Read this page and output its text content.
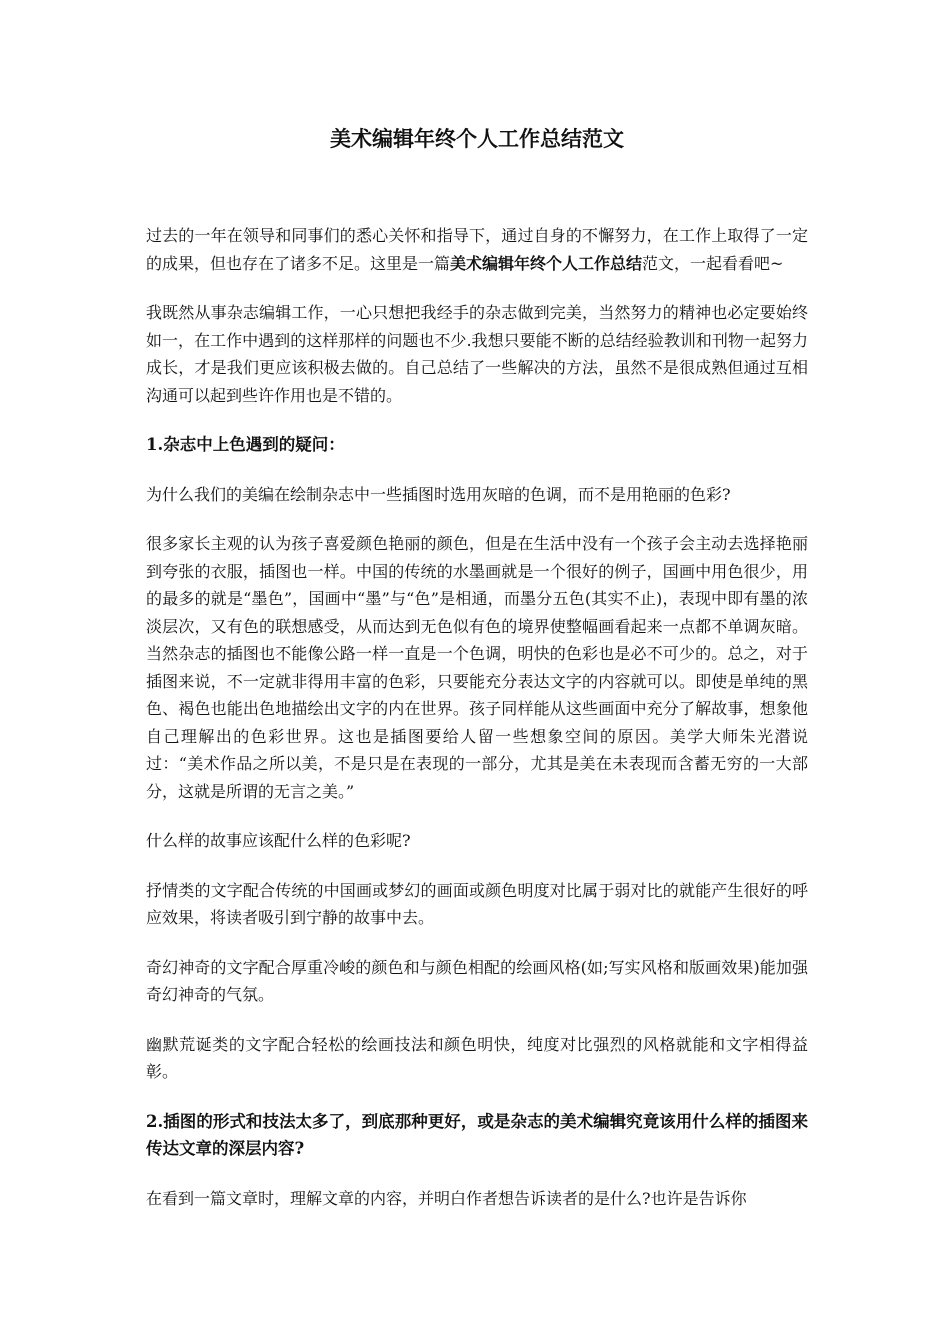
美术编辑年终个人工作总结范文

过去的一年在领导和同事们的悉心关怀和指导下，通过自身的不懈努力，在工作上取得了一定的成果，但也存在了诸多不足。这里是一篇美术编辑年终个人工作总结范文，一起看看吧~

我既然从事杂志编辑工作，一心只想把我经手的杂志做到完美，当然努力的精神也必定要始终如一，在工作中遇到的这样那样的问题也不少.我想只要能不断的总结经验教训和刊物一起努力成长，才是我们更应该积极去做的。自己总结了一些解决的方法，虽然不是很成熟但通过互相沟通可以起到些许作用也是不错的。

1.杂志中上色遇到的疑问：

为什么我们的美编在绘制杂志中一些插图时选用灰暗的色调，而不是用艳丽的色彩?

很多家长主观的认为孩子喜爱颜色艳丽的颜色，但是在生活中没有一个孩子会主动去选择艳丽到夸张的衣服，插图也一样。中国的传统的水墨画就是一个很好的例子，国画中用色很少，用的最多的就是“墨色”，国画中“墨”与“色”是相通，而墨分五色(其实不止)，表现中即有墨的浓淡层次，又有色的联想感受，从而达到无色似有色的境界使整幅画看起来一点都不单调灰暗。当然杂志的插图也不能像公路一样一直是一个色调，明快的色彩也是必不可少的。总之，对于插图来说，不一定就非得用丰富的色彩，只要能充分表达文字的内容就可以。即使是单纯的黑色、褐色也能出色地描绘出文字的内在世界。孩子同样能从这些画面中充分了解故事，想象他自己理解出的色彩世界。这也是插图要给人留一些想象空间的原因。美学大师朱光潜说过：“美术作品之所以美，不是只是在表现的一部分，尤其是美在未表现而含蓄无穷的一大部分，这就是所谓的无言之美。”

什么样的故事应该配什么样的色彩呢?

抒情类的文字配合传统的中国画或梦幻的画面或颜色明度对比属于弱对比的就能产生很好的呼应效果，将读者吸引到宁静的故事中去。

奇幻神奇的文字配合厚重冷峻的颜色和与颜色相配的绘画风格(如;写实风格和版画效果)能加强奇幻神奇的气氛。

幽默荒诞类的文字配合轻松的绘画技法和颜色明快，纯度对比强烈的风格就能和文字相得益彰。

2.插图的形式和技法太多了，到底那种更好，或是杂志的美术编辑究竟该用什么样的插图来传达文章的深层内容?

在看到一篇文章时，理解文章的内容，并明白作者想告诉读者的是什么?也许是告诉你
